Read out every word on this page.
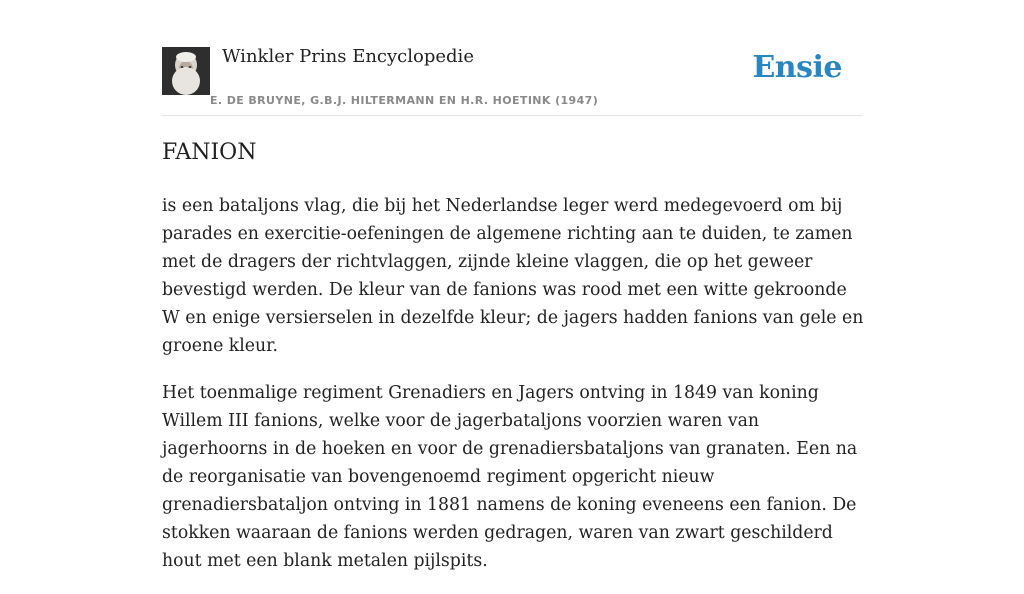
Winkler Prins Encyclopedie
E. DE BRUYNE, G.B.J. HILTERMANN EN H.R. HOETINK (1947)
Ensie
FANION

is een bataljons vlag, die bij het Nederlandse leger werd medegevoerd om bij parades en exercitie-oefeningen de algemene richting aan te duiden, te zamen met de dragers der richtvlaggen, zijnde kleine vlaggen, die op het geweer bevestigd werden. De kleur van de fanions was rood met een witte gekroonde W en enige versierselen in dezelfde kleur; de jagers hadden fanions van gele en groene kleur.

Het toenmalige regiment Grenadiers en Jagers ontving in 1849 van koning Willem III fanions, welke voor de jagerbataljons voorzien waren van jagerhoorns in de hoeken en voor de grenadiersbataljons van granaten. Een na de reorganisatie van bovengenoemd regiment opgericht nieuw grenadiersbataljon ontving in 1881 namens de koning eveneens een fanion. De stokken waaraan de fanions werden gedragen, waren van zwart geschilderd hout met een blank metalen pijlspits.
